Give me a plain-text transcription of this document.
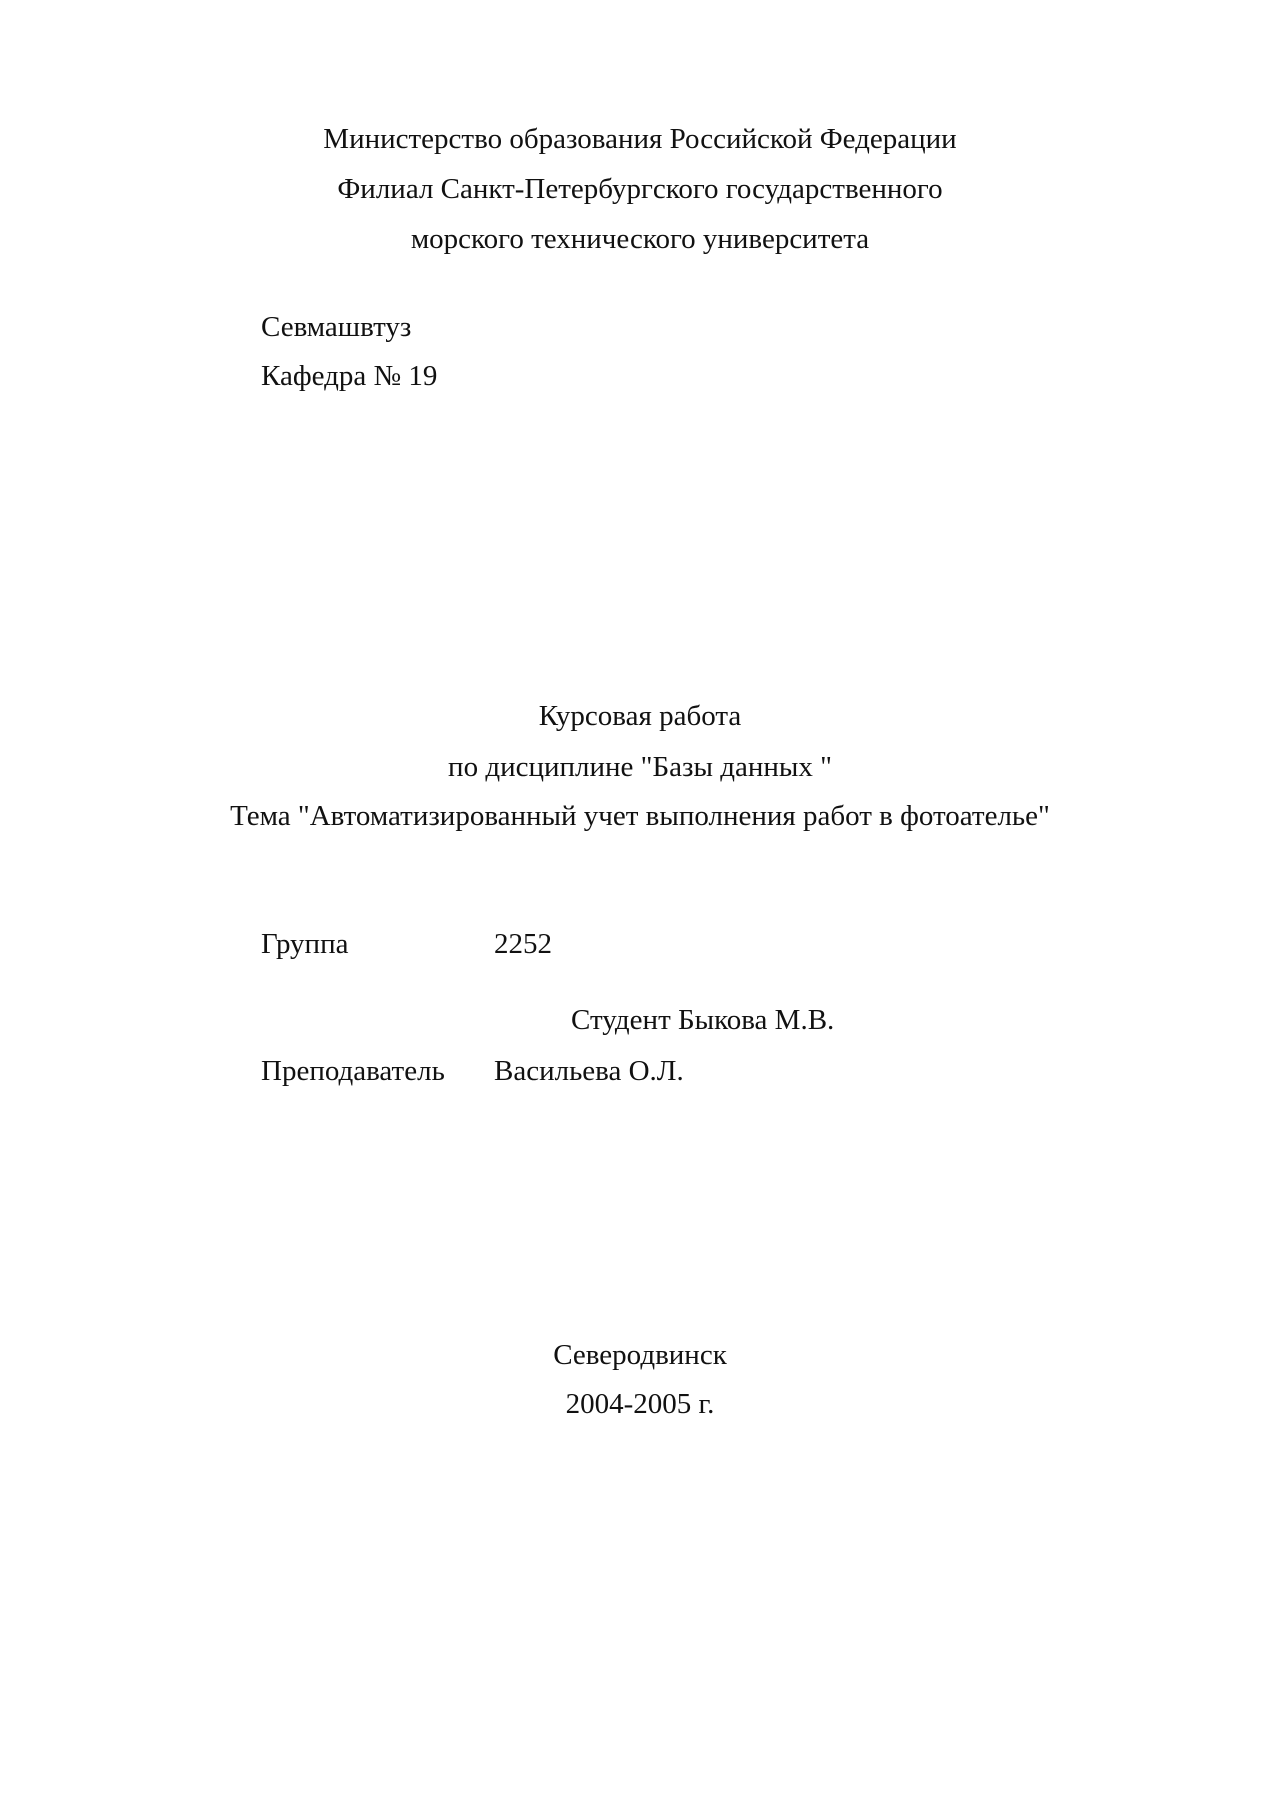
Министерство образования Российской Федерации
Филиал Санкт-Петербургского государственного
морского технического университета
Севмашвтуз
Кафедра № 19
Курсовая работа
по дисциплине "Базы данных "
Тема "Автоматизированный учет выполнения работ в фотоателье"
Группа	2252
Студент Быкова М.В.
Преподаватель Васильева О.Л.
Северодвинск
2004-2005 г.
